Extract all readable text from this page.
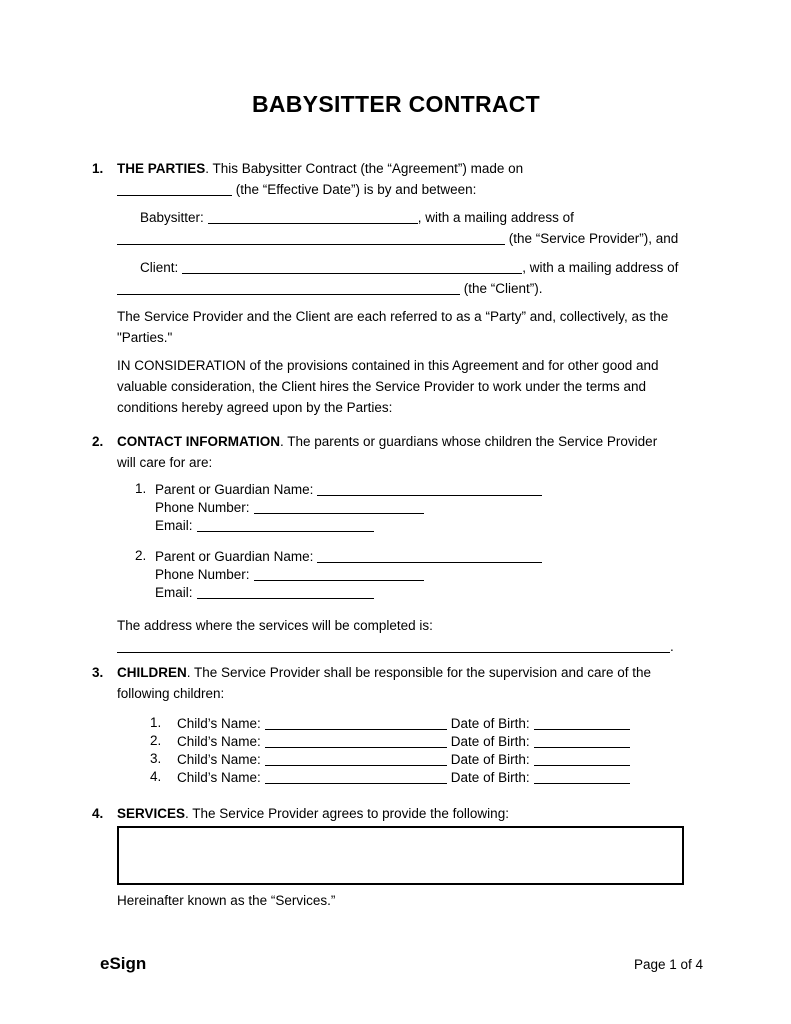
BABYSITTER CONTRACT
1.	THE PARTIES. This Babysitter Contract (the “Agreement”) made on
(the “Effective Date”) is by and between:

Babysitter:	, with a mailing address of
(the “Service Provider”), and

Client:	, with a mailing address of
(the “Client”).

The Service Provider and the Client are each referred to as a “Party” and, collectively, as the
"Parties."

IN CONSIDERATION of the provisions contained in this Agreement and for other good and
valuable consideration, the Client hires the Service Provider to work under the terms and
conditions hereby agreed upon by the Parties:

2.	CONTACT INFORMATION. The parents or guardians whose children the Service Provider
will care for are:

1. Parent or Guardian Name:
Phone Number:
Email:
2. Parent or Guardian Name:
Phone Number:
Email:

The address where the services will be completed is:
.

3.	CHILDREN. The Service Provider shall be responsible for the supervision and care of the
following children:

1.	Child’s Name:	Date of Birth:
2.	Child’s Name:	Date of Birth:
3.	Child’s Name:	Date of Birth:
4.	Child’s Name:	Date of Birth:
4.	SERVICES. The Service Provider agrees to provide the following:

Hereinafter known as the “Services.”

eSign	Page 1 of 4
